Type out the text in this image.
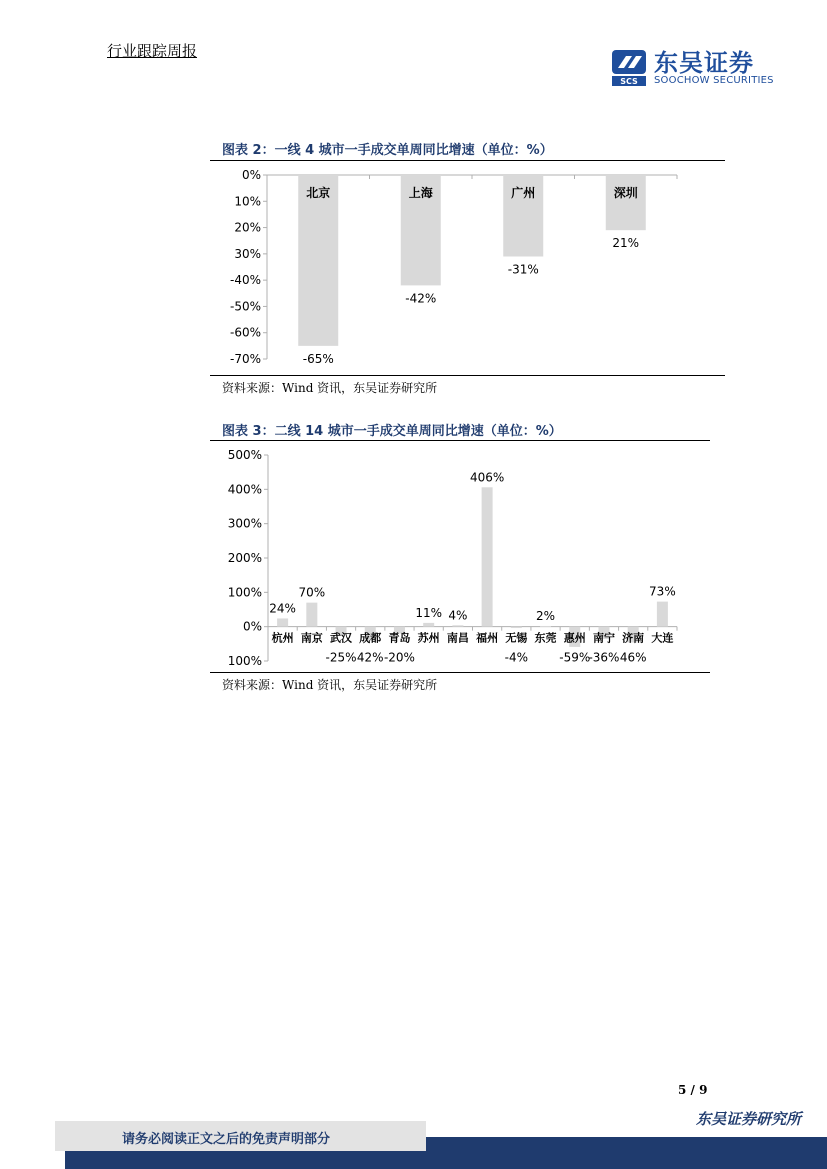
行业跟踪周报
SCS
东吴证券
SOOCHOW SECURITIES
图表 2：一线 4 城市一手成交单周同比增速（单位：%）
0%
10%
20%
30%
-40%
-50%
-60%
-70%
北京
-65%
上海
-42%
广州
-31%
深圳
21%
资料来源：Wind 资讯，东吴证券研究所
图表 3：二线 14 城市一手成交单周同比增速（单位：%）
500%
400%
300%
200%
100%
0%
100%
杭州
24%
南京
70%
武汉
-25%
成都
42%
青岛
-20%
苏州
11%
南昌
4%
福州
406%
无锡
-4%
东莞
2%
惠州
-59%
南宁
-36%
济南
46%
大连
73%
资料来源：Wind 资讯，东吴证券研究所
5 / 9
东吴证券研究所
请务必阅读正文之后的免责声明部分
